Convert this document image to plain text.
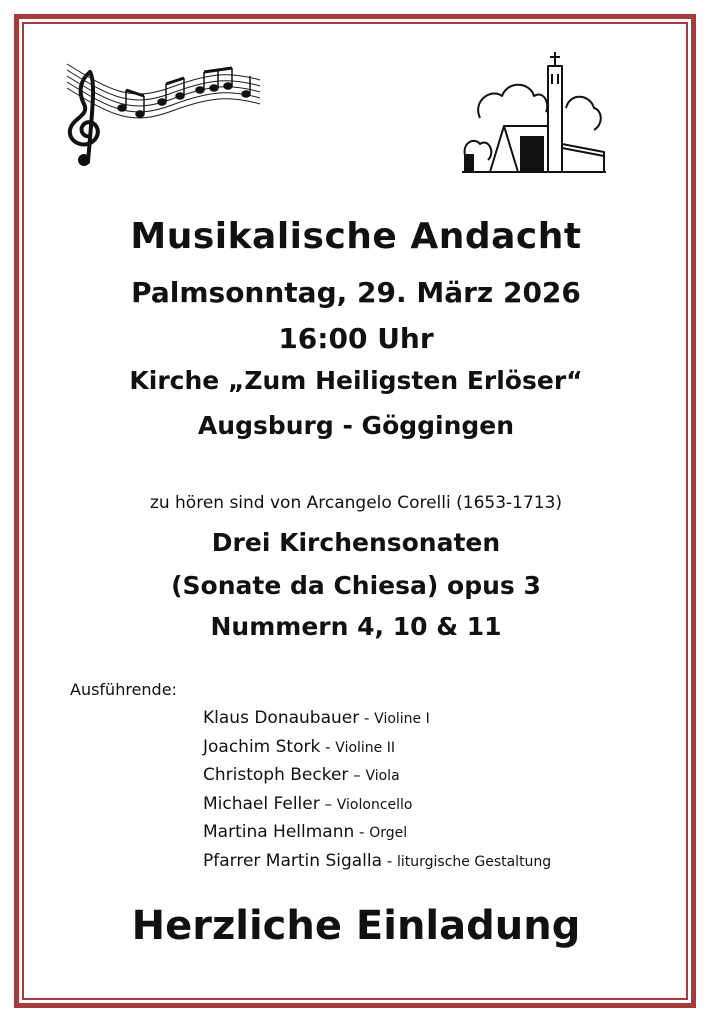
Musikalische Andacht
Palmsonntag, 29. März 2026
16:00 Uhr
Kirche „Zum Heiligsten Erlöser“
Augsburg - Göggingen
zu hören sind von Arcangelo Corelli (1653-1713)
Drei Kirchensonaten
(Sonate da Chiesa) opus 3
Nummern 4, 10 & 11
Ausführende:
Klaus Donaubauer - Violine I
Joachim Stork - Violine II
Christoph Becker – Viola
Michael Feller – Violoncello
Martina Hellmann - Orgel
Pfarrer Martin Sigalla - liturgische Gestaltung
Herzliche Einladung
